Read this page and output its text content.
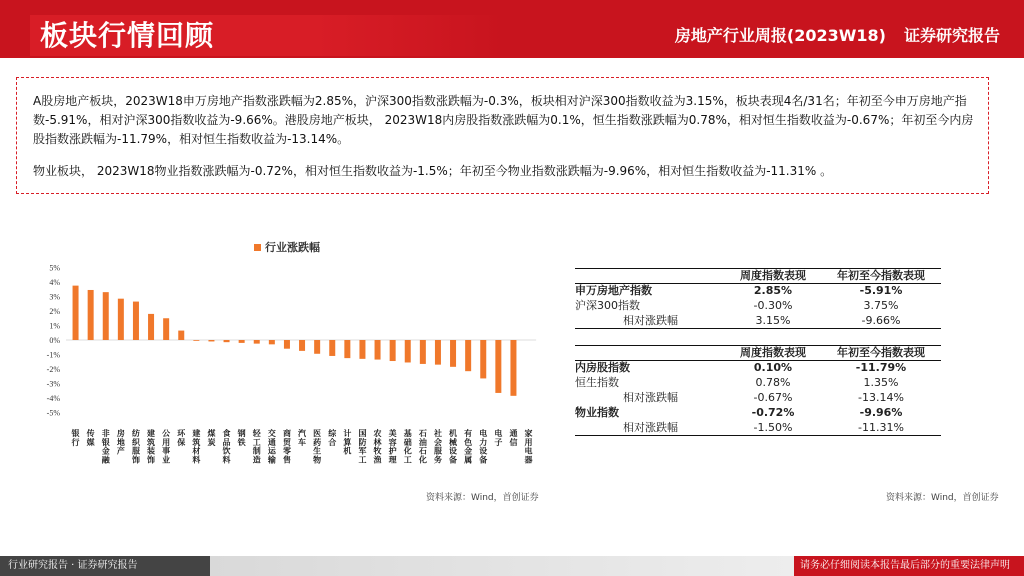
板块行情回顾	房地产行业周报(2023W18) 证券研究报告

A股房地产板块，2023W18申万房地产指数涨跌幅为2.85%，沪深300指数涨跌幅为-0.3%，板块相对沪深300指数收益为3.15%，板块表现4名/31名；年初至今申万房地产指数-5.91%，相对沪深300指数收益为-9.66%。港股房地产板块， 2023W18内房股指数涨跌幅为0.1%，恒生指数涨跌幅为0.78%，相对恒生指数收益为-0.67%；年初至今内房股指数涨跌幅为-11.79%，相对恒生指数收益为-13.14%。

物业板块， 2023W18物业指数涨跌幅为-0.72%，相对恒生指数收益为-1.5%；年初至今物业指数涨跌幅为-9.96%，相对恒生指数收益为-11.31% 。

行业涨跌幅
5%
4%
3%
2%
1%
0%
-1%
-2%
-3%
-4%
-5%
银行
传媒
非银金融
房地产
纺织服饰
建筑装饰
公用事业
环保
建筑材料
煤炭
食品饮料
钢铁
轻工制造
交通运输
商贸零售
汽车
医药生物
综合
计算机
国防军工
农林牧渔
美容护理
基础化工
石油石化
社会服务
机械设备
有色金属
电力设备
电子
通信
家用电器
资料来源：Wind，首创证券
	周度指数表现	年初至今指数表现
申万房地产指数	2.85%	-5.91%
沪深300指数	-0.30%	3.75%
相对涨跌幅	3.15%	-9.66%
	周度指数表现	年初至今指数表现
内房股指数	0.10%	-11.79%
恒生指数	0.78%	1.35%
相对涨跌幅	-0.67%	-13.14%
物业指数	-0.72%	-9.96%
相对涨跌幅	-1.50%	-11.31%
资料来源：Wind，首创证券
行业研究报告 · 证券研究报告	请务必仔细阅读本报告最后部分的重要法律声明
